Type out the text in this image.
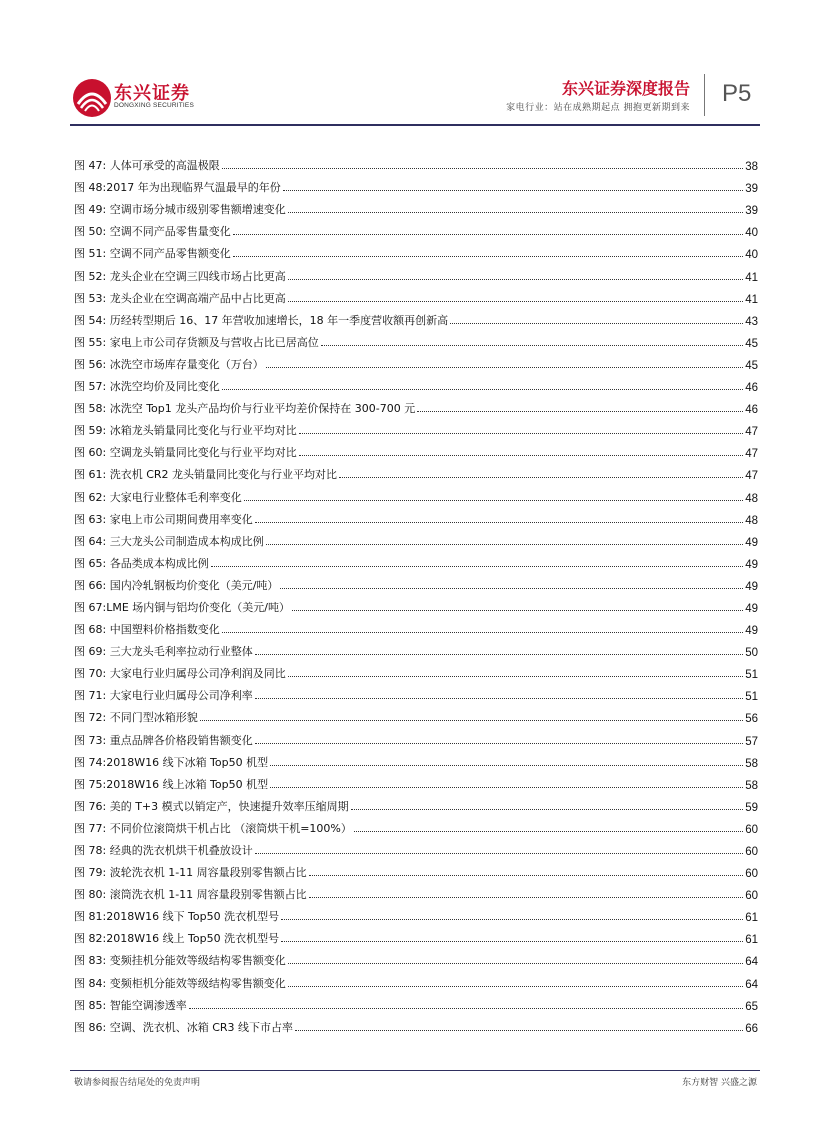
东兴证券
DONGXING SECURITIES
东兴证券深度报告
家电行业：站在成熟期起点 拥抱更新期到来
P5
图 47: 人体可承受的高温极限	38
图 48:2017 年为出现临界气温最早的年份	39
图 49: 空调市场分城市级别零售额增速变化	39
图 50: 空调不同产品零售量变化	40
图 51: 空调不同产品零售额变化	40
图 52: 龙头企业在空调三四线市场占比更高	41
图 53: 龙头企业在空调高端产品中占比更高	41
图 54: 历经转型期后 16、17 年营收加速增长，18 年一季度营收额再创新高	43
图 55: 家电上市公司存货额及与营收占比已居高位	45
图 56: 冰洗空市场库存量变化（万台）	45
图 57: 冰洗空均价及同比变化	46
图 58: 冰洗空 Top1 龙头产品均价与行业平均差价保持在 300-700 元	46
图 59: 冰箱龙头销量同比变化与行业平均对比	47
图 60: 空调龙头销量同比变化与行业平均对比	47
图 61: 洗衣机 CR2 龙头销量同比变化与行业平均对比	47
图 62: 大家电行业整体毛利率变化	48
图 63: 家电上市公司期间费用率变化	48
图 64: 三大龙头公司制造成本构成比例	49
图 65: 各品类成本构成比例	49
图 66: 国内冷轧钢板均价变化（美元/吨）	49
图 67:LME 场内铜与铝均价变化（美元/吨）	49
图 68: 中国塑料价格指数变化	49
图 69: 三大龙头毛利率拉动行业整体	50
图 70: 大家电行业归属母公司净利润及同比	51
图 71: 大家电行业归属母公司净利率	51
图 72: 不同门型冰箱形貌	56
图 73: 重点品牌各价格段销售额变化	57
图 74:2018W16 线下冰箱 Top50 机型	58
图 75:2018W16 线上冰箱 Top50 机型	58
图 76: 美的 T+3 模式以销定产，快速提升效率压缩周期	59
图 77: 不同价位滚筒烘干机占比 （滚筒烘干机=100%）	60
图 78: 经典的洗衣机烘干机叠放设计	60
图 79: 波轮洗衣机 1-11 周容量段别零售额占比	60
图 80: 滚筒洗衣机 1-11 周容量段别零售额占比	60
图 81:2018W16 线下 Top50 洗衣机型号	61
图 82:2018W16 线上 Top50 洗衣机型号	61
图 83: 变频挂机分能效等级结构零售额变化	64
图 84: 变频柜机分能效等级结构零售额变化	64
图 85: 智能空调渗透率	65
图 86: 空调、洗衣机、冰箱 CR3 线下市占率	66
敬请参阅报告结尾处的免责声明	东方财智 兴盛之源
